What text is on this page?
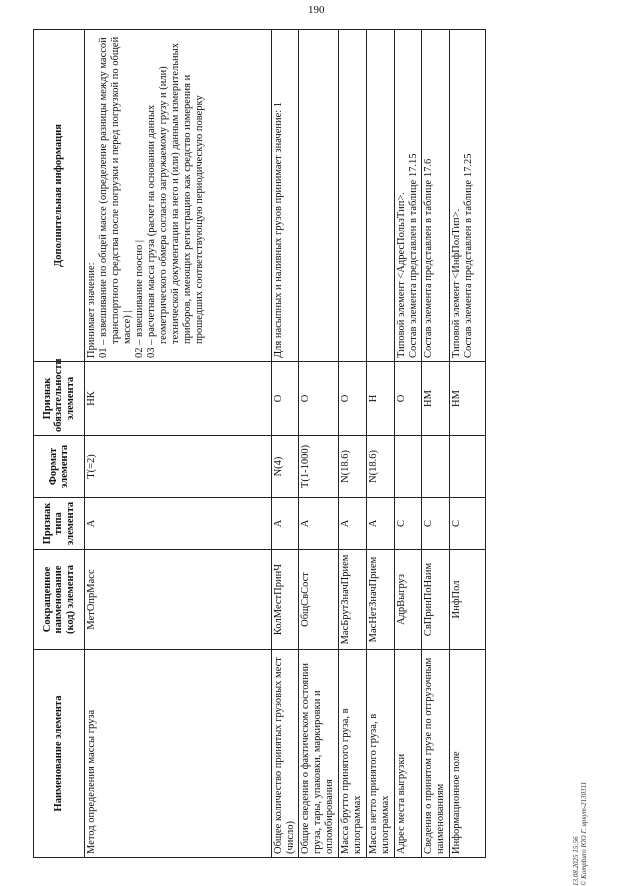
190
Наименование элемента	Сокращенное наименование (код) элемента	Признак типа элемента	Формат элемента	Признак обязательности элемента	Дополнительная информация
Метод определения массы груза	МетОпрМасс	А	T(=2)	НК	Принимает значение: 01 – взвешивание по общей массе (определение разницы между массой транспортного средства после погрузки и перед погрузкой по общей массе) | 02 – взвешивание поосно | 03 – расчетная масса груза (расчет на основании данных геометрического обмера согласно загружаемому грузу и (или) технической документации на него и (или) данным измерительных приборов, имеющих регистрацию как средство измерения и прошедших соответствующую периодическую поверку

Общее количество принятых грузовых мест (число)	КолМестПринЧ	А	N(4)	О	Для насыпных и наливных грузов принимает значение: 1

Общие сведения о фактическом состоянии груза, тары, упаковки, маркировки и опломбирования	ОбщСвСост	А	T(1-1000)	О	
Масса брутто принятого груза, в килограммах	МасБрутЗначПрием	А	N(18.6)	О	
Масса нетто принятого груза, в килограммах	МасНетЗначПрием	А	N(18.6)	Н	
Адрес места выгрузки	АдрВыгруз	С		О	Типовой элемент <АдресПользТип>. Состав элемента представлен в таблице 17.15

Сведения о принятом грузе по отгрузочным наименованиям	СвПринПоНаим	С		НМ	Состав элемента представлен в таблице 17.6

Информационное поле	ИнфПол	С		НМ	Типовой элемент <ИнфПолТип>. Состав элемента представлен в таблице 17.25
13.08.2025 15:56 © Kompburo ЮО Г. иркут-2130311
